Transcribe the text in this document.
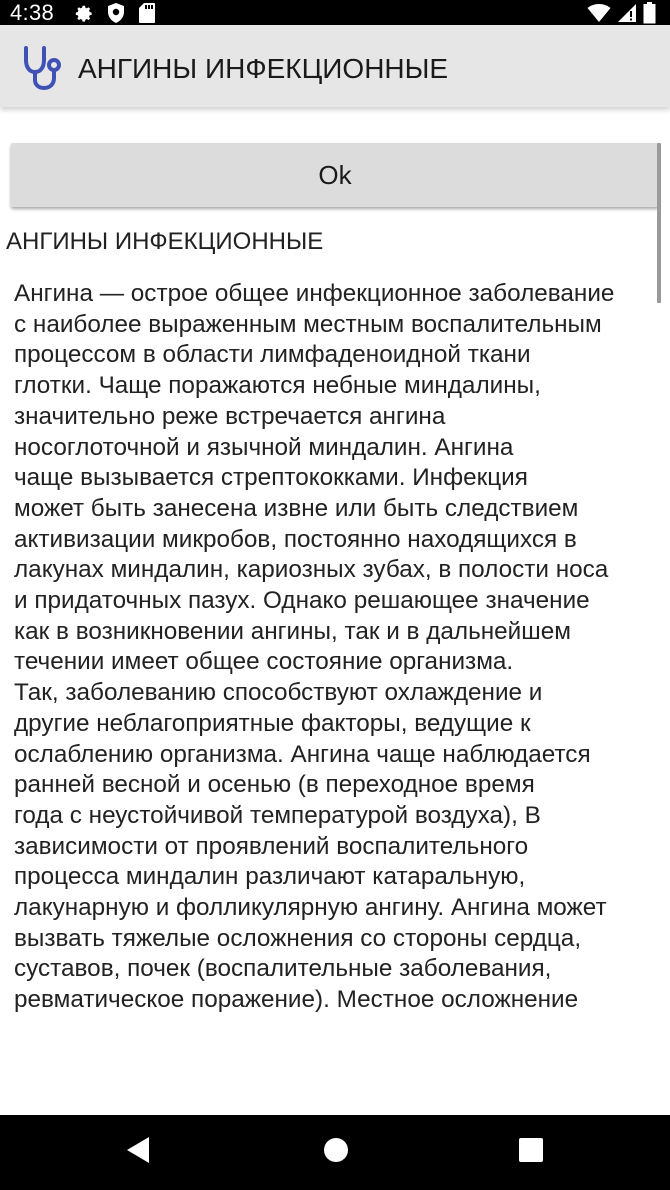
4:38
АНГИНЫ ИНФЕКЦИОННЫЕ
Ok
АНГИНЫ ИНФЕКЦИОННЫЕ

Ангина — острое общее инфекционное заболевание
с наиболее выраженным местным воспалительным
процессом в области лимфаденоидной ткани
глотки. Чаще поражаются небные миндалины,
значительно реже встречается ангина
носоглоточной и язычной миндалин. Ангина
чаще вызывается стрептококками. Инфекция
может быть занесена извне или быть следствием
активизации микробов, постоянно находящихся в
лакунах миндалин, кариозных зубах, в полости носа
и придаточных пазух. Однако решающее значение
как в возникновении ангины, так и в дальнейшем
течении имеет общее состояние организма.
Так, заболеванию способствуют охлаждение и
другие неблагоприятные факторы, ведущие к
ослаблению организма. Ангина чаще наблюдается
ранней весной и осенью (в переходное время
года с неустойчивой температурой воздуха), В
зависимости от проявлений воспалительного
процесса миндалин различают катаральную,
лакунарную и фолликулярную ангину. Ангина может
вызвать тяжелые осложнения со стороны сердца,
суставов, почек (воспалительные заболевания,
ревматическое поражение). Местное осложнение
